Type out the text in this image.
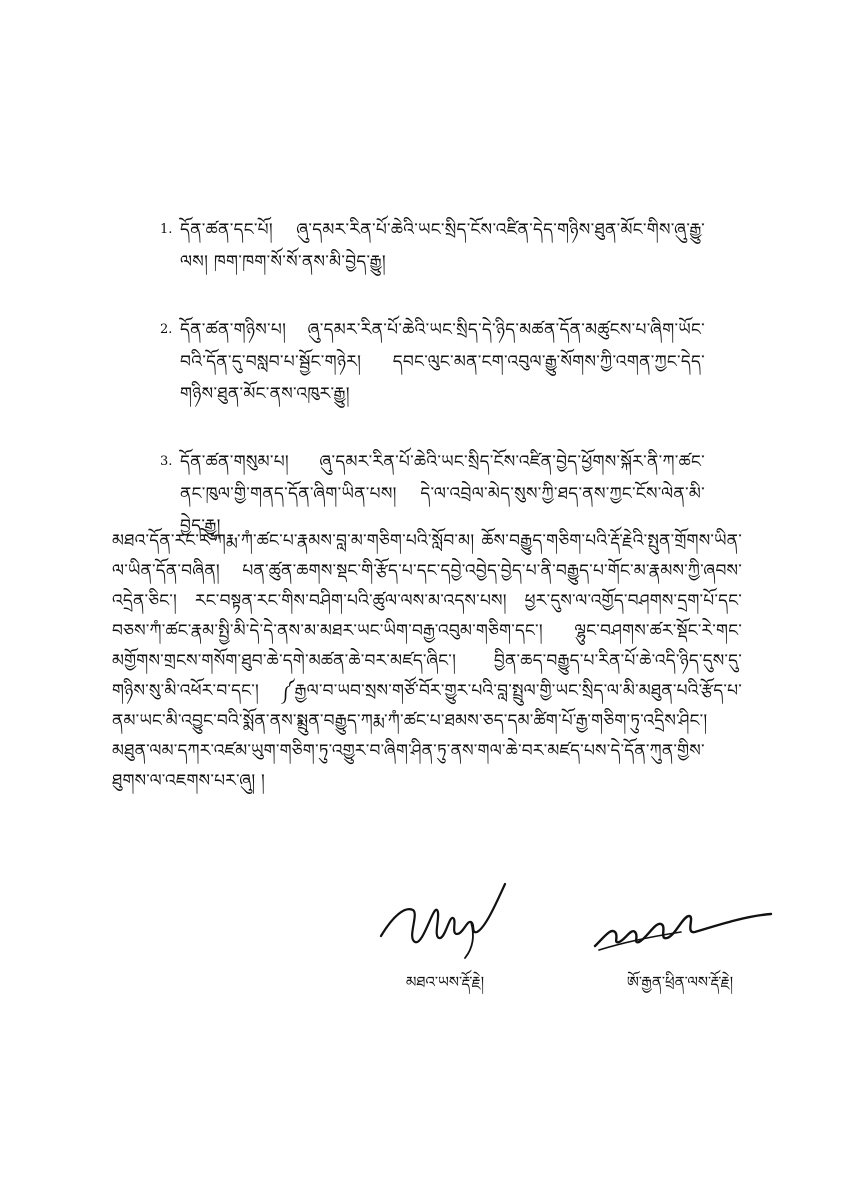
1. དོན་ཚན་དང་པོ། ཞུ་དམར་རིན་པོ་ཆེའི་ཡང་སྲིད་ངོས་འཛིན་དེད་གཉིས་ཐུན་མོང་གིས་ཞུ་རྒྱུ་ལས། ཁག་ཁག་སོ་སོ་ནས་མི་བྱེད་རྒྱུ།
2. དོན་ཚན་གཉིས་པ། ཞུ་དམར་རིན་པོ་ཆེའི་ཡང་སྲིད་དེ་ཉིད་མཚན་དོན་མཚུངས་པ་ཞིག་ཡོང་བའི་དོན་དུ་བསླབ་པ་སྦྱོང་གཉེར། དབང་ལུང་མན་ངག་འབུལ་རྒྱུ་སོགས་ཀྱི་འགན་ཀྱང་དེད་གཉིས་ཐུན་མོང་ནས་འཁུར་རྒྱུ།
3. དོན་ཚན་གསུམ་པ། ཞུ་དམར་རིན་པོ་ཆེའི་ཡང་སྲིད་ངོས་འཛིན་བྱེད་ཕྱོགས་སྐོར་ནི་ཀ་ཚང་ནང་ཁུལ་གྱི་གནད་དོན་ཞིག་ཡིན་པས། དེ་ལ་འབྲེལ་མེད་སུས་ཀྱི་ཐད་ནས་ཀྱང་ངོས་ལེན་མི་བྱེད་རྒྱུ།
མཐའ་དོན་རང་རེ་ཀརྨ་ཀཾ་ཚང་པ་རྣམས་བླ་མ་གཅིག་པའི་སློབ་མ། ཆོས་བརྒྱུད་གཅིག་པའི་རྡོ་རྗེའི་སྤུན་གྲོགས་ཡིན་ལ་ཡིན་དོན་བཞིན། པན་ཚུན་ཆགས་སྡང་གི་རྩོད་པ་དང་དབྱེ་འབྱེད་བྱེད་པ་ནི་བརྒྱུད་པ་གོང་མ་རྣམས་ཀྱི་ཞབས་འདྲེན་ཅིང་། རང་བསྟན་རང་གིས་བཤིག་པའི་ཚུལ་ལས་མ་འདས་པས། ཕྱར་དུས་ལ་འགྱོད་བཤགས་དྲག་པོ་དང་བཅས་ཀཾ་ཚང་རྣམ་སྤྱི་མི་དེ་དེ་ནས་མ་མཐར་ཡང་ཡིག་བརྒྱ་འབུམ་གཅིག་དང་། ལྷུང་བཤགས་ཚར་སྡོང་རེ་གང་མགྱོགས་གྲངས་གསོག་ཐུབ་ཆེ་དགེ་མཚན་ཆེ་བར་མཛད་ཞིང་། བྱིན་ཆད་བརྒྱུད་པ་རིན་པོ་ཆེ་འདི་ཉིད་དུས་དུ་གཉིས་སུ་མི་འཕོར་བ་དང་། ༼རྒྱལ་བ་ཡབ་སྲས་གཙོ་བོར་གྱུར་པའི་བླ་སྤྲུལ་གྱི་ཡང་སྲིད་ལ་མི་མཐུན་པའི་རྩོད་པ་ནམ་ཡང་མི་འབྱུང་བའི་སྨོན་ནས་སྨྲུན་བརྒྱུད་ཀརྨ་ཀཾ་ཚང་པ་ཐམས་ཅད་དམ་ཚིག་པོ་རྒྱ་གཅིག་ཏུ་འདྲིས་ཤིང་། མཐུན་ལམ་དཀར་འཛམ་ཡུག་གཅིག་ཏུ་འགྱུར་བ་ཞིག་ཤིན་ཏུ་ནས་གལ་ཆེ་བར་མཛད་པས་དེ་དོན་ཀུན་གྱིས་ཐུགས་ལ་འཇགས་པར་ཞུ། །
མཐའ་ཡས་རྡོ་རྗེ།	ཨོ་རྒྱན་ཕྲིན་ལས་རྡོ་རྗེ།
